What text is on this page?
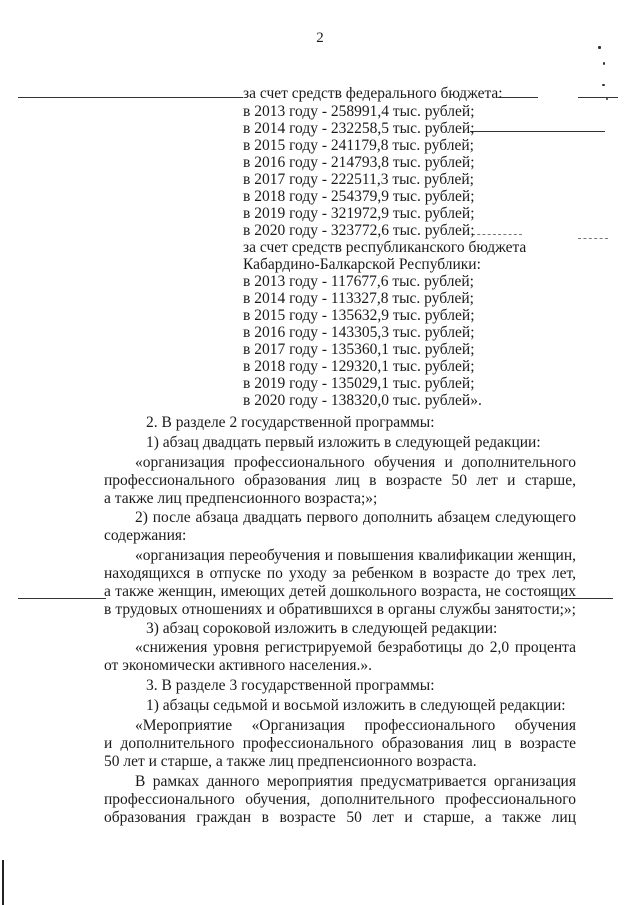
2
за счет средств федерального бюджета:
в 2013 году - 258991,4 тыс. рублей;
в 2014 году - 232258,5 тыс. рублей;
в 2015 году - 241179,8 тыс. рублей;
в 2016 году - 214793,8 тыс. рублей;
в 2017 году - 222511,3 тыс. рублей;
в 2018 году - 254379,9 тыс. рублей;
в 2019 году - 321972,9 тыс. рублей;
в 2020 году - 323772,6 тыс. рублей;
за счет средств республиканского бюджета
Кабардино-Балкарской Республики:
в 2013 году - 117677,6 тыс. рублей;
в 2014 году - 113327,8 тыс. рублей;
в 2015 году - 135632,9 тыс. рублей;
в 2016 году - 143305,3 тыс. рублей;
в 2017 году - 135360,1 тыс. рублей;
в 2018 году - 129320,1 тыс. рублей;
в 2019 году - 135029,1 тыс. рублей;
в 2020 году - 138320,0 тыс. рублей».
2. В разделе 2 государственной программы:
1) абзац двадцать первый изложить в следующей редакции:
«организация профессионального обучения и дополнительного
профессионального образования лиц в возрасте 50 лет и старше,
а также лиц предпенсионного возраста;»;
2) после абзаца двадцать первого дополнить абзацем следующего
содержания:
«организация переобучения и повышения квалификации женщин,
находящихся в отпуске по уходу за ребенком в возрасте до трех лет,
а также женщин, имеющих детей дошкольного возраста, не состоящих
в трудовых отношениях и обратившихся в органы службы занятости;»;
3) абзац сороковой изложить в следующей редакции:
«снижения уровня регистрируемой безработицы до 2,0 процента
от экономически активного населения.».
3. В разделе 3 государственной программы:
1) абзацы седьмой и восьмой изложить в следующей редакции:
«Мероприятие «Организация профессионального обучения
и дополнительного профессионального образования лиц в возрасте
50 лет и старше, а также лиц предпенсионного возраста.
В рамках данного мероприятия предусматривается организация
профессионального обучения, дополнительного профессионального
образования граждан в возрасте 50 лет и старше, а также лиц
